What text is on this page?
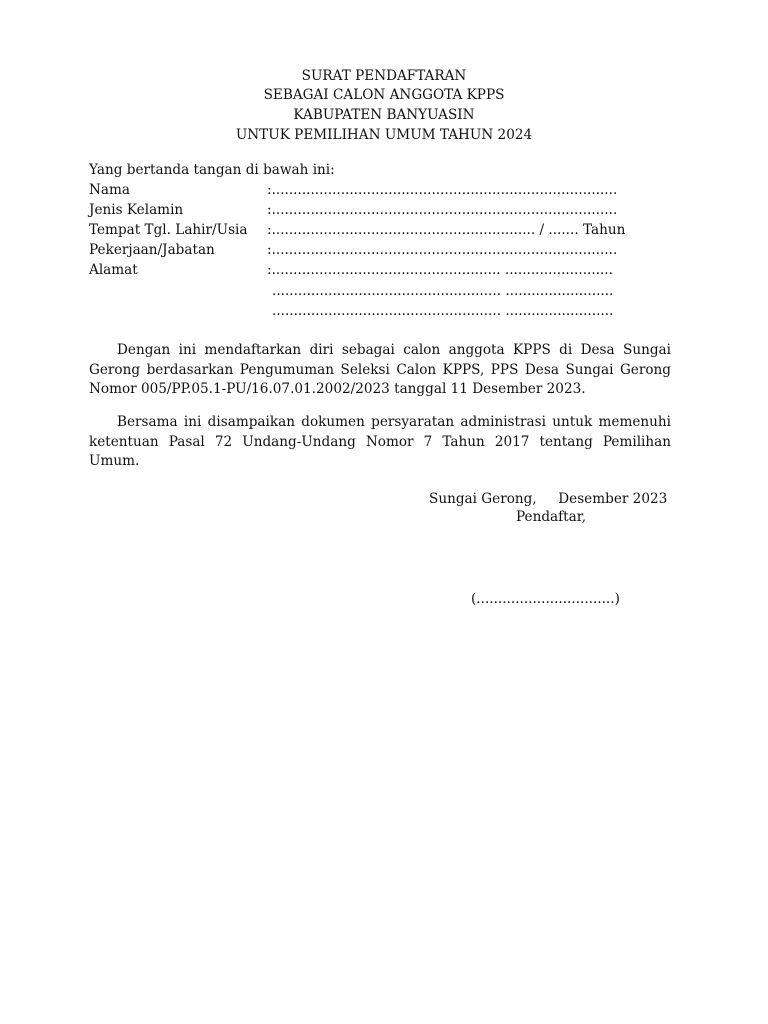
SURAT PENDAFTARAN
SEBAGAI CALON ANGGOTA KPPS
KABUPATEN BANYUASIN
UNTUK PEMILIHAN UMUM TAHUN 2024
Yang bertanda tangan di bawah ini:
Nama	:................................................................................
Jenis Kelamin	:................................................................................
Tempat Tgl. Lahir/Usia :............................................................. / ....... Tahun
Pekerjaan/Jabatan	:................................................................................
Alamat	:..................................................... .........................
..................................................... .........................
..................................................... .........................
Dengan ini mendaftarkan diri sebagai calon anggota KPPS di Desa Sungai Gerong berdasarkan Pengumuman Seleksi Calon KPPS, PPS Desa Sungai Gerong Nomor 005/PP.05.1-PU/16.07.01.2002/2023 tanggal 11 Desember 2023.
Bersama ini disampaikan dokumen persyaratan administrasi untuk memenuhi ketentuan Pasal 72 Undang-Undang Nomor 7 Tahun 2017 tentang Pemilihan Umum.
Sungai Gerong,     Desember 2023
Pendaftar,
(................................)
